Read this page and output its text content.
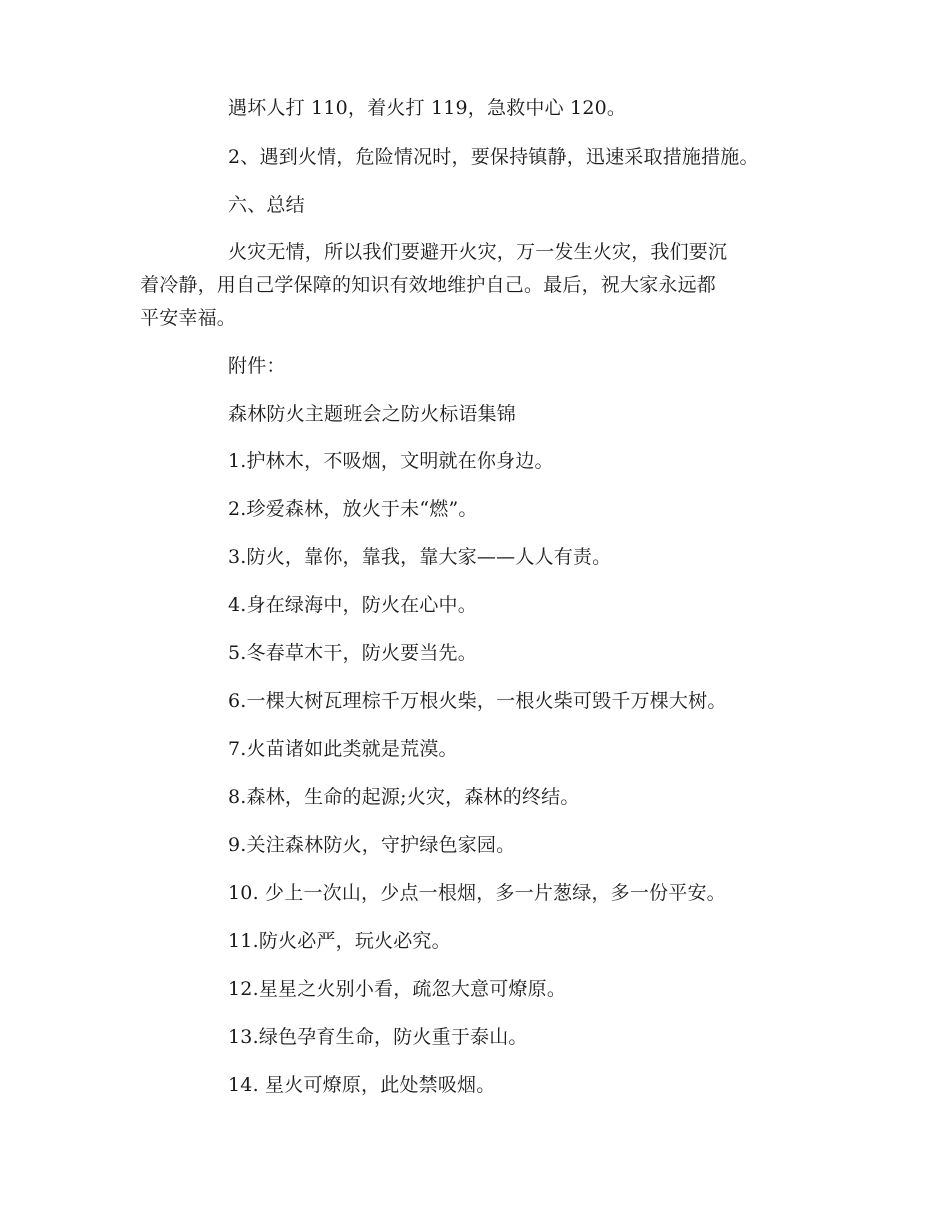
遇坏人打 110，着火打 119，急救中心 120。
2、遇到火情，危险情况时，要保持镇静，迅速采取措施措施。
六、总结
火灾无情，所以我们要避开火灾，万一发生火灾，我们要沉
着冷静，用自己学保障的知识有效地维护自己。最后，祝大家永远都
平安幸福。
附件：
森林防火主题班会之防火标语集锦
1.护林木，不吸烟，文明就在你身边。
2.珍爱森林，放火于未“燃”。
3.防火，靠你，靠我，靠大家——人人有责。
4.身在绿海中，防火在心中。
5.冬春草木干，防火要当先。
6.一棵大树瓦理棕千万根火柴，一根火柴可毁千万棵大树。
7.火苗诸如此类就是荒漠。
8.森林，生命的起源;火灾，森林的终结。
9.关注森林防火，守护绿色家园。
10. 少上一次山，少点一根烟，多一片葱绿，多一份平安。
11.防火必严，玩火必究。
12.星星之火别小看，疏忽大意可燎原。
13.绿色孕育生命，防火重于泰山。
14. 星火可燎原，此处禁吸烟。
